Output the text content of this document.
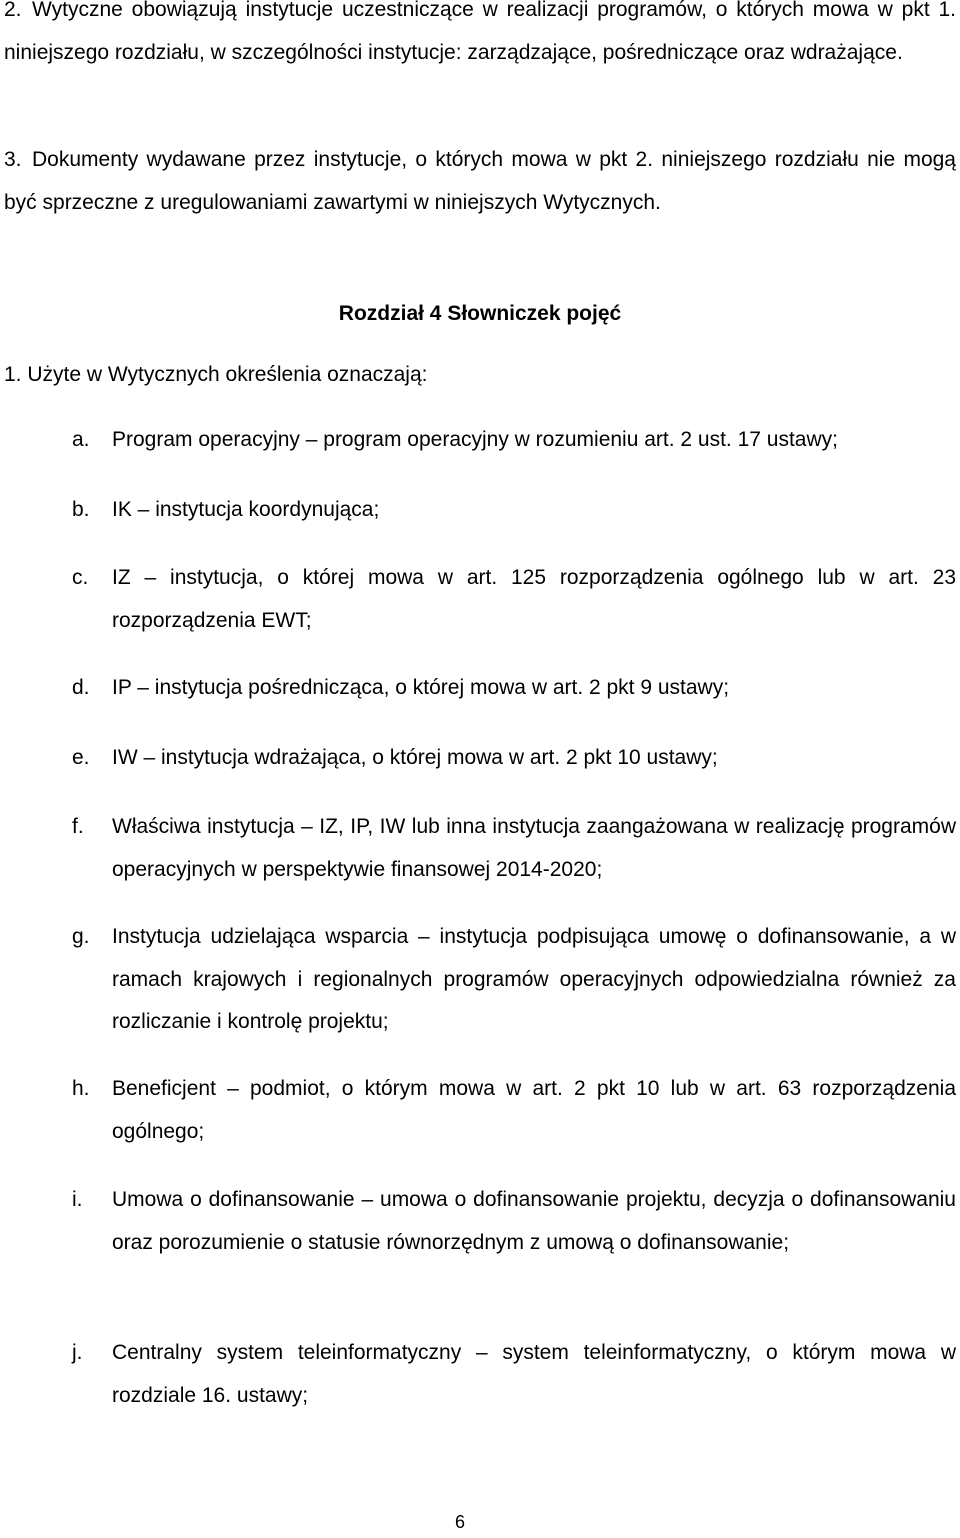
2. Wytyczne obowiązują instytucje uczestniczące w realizacji programów, o których mowa w pkt 1. niniejszego rozdziału, w szczególności instytucje: zarządzające, pośredniczące oraz wdrażające.
3. Dokumenty wydawane przez instytucje, o których mowa w pkt 2. niniejszego rozdziału nie mogą być sprzeczne z uregulowaniami zawartymi w niniejszych Wytycznych.
Rozdział 4 Słowniczek pojęć
1. Użyte w Wytycznych określenia oznaczają:
a.	Program operacyjny – program operacyjny w rozumieniu art. 2 ust. 17 ustawy;
b.	IK – instytucja koordynująca;
c.	IZ – instytucja, o której mowa w art. 125 rozporządzenia ogólnego lub w art. 23 rozporządzenia EWT;
d.	IP – instytucja pośrednicząca, o której mowa w art. 2 pkt 9 ustawy;
e.	IW – instytucja wdrażająca, o której mowa w art. 2 pkt 10 ustawy;
f.	Właściwa instytucja – IZ, IP, IW lub inna instytucja zaangażowana w realizację programów operacyjnych w perspektywie finansowej 2014-2020;
g.	Instytucja udzielająca wsparcia – instytucja podpisująca umowę o dofinansowanie, a w ramach krajowych i regionalnych programów operacyjnych odpowiedzialna również za rozliczanie i kontrolę projektu;
h.	Beneficjent – podmiot, o którym mowa w art. 2 pkt 10 lub w art. 63 rozporządzenia ogólnego;
i.	Umowa o dofinansowanie – umowa o dofinansowanie projektu, decyzja o dofinansowaniu oraz porozumienie o statusie równorzędnym z umową o dofinansowanie;
j.	Centralny system teleinformatyczny – system teleinformatyczny, o którym mowa w rozdziale 16. ustawy;
6
